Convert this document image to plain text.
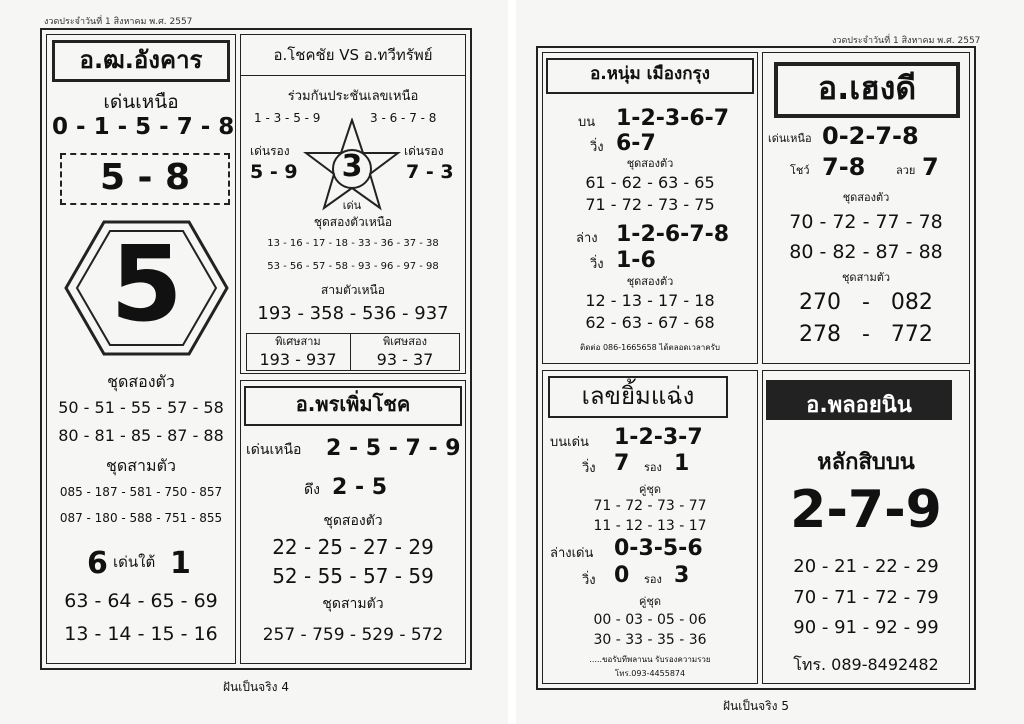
งวดประจำวันที่ 1 สิงหาคม พ.ศ. 2557
อ.ฒ.อังคาร
เด่นเหนือ
0 - 1 - 5 - 7 - 8
5 - 8
5
ชุดสองตัว
50 - 51 - 55 - 57 - 58
80 - 81 - 85 - 87 - 88
ชุดสามตัว
085 - 187 - 581 - 750 - 857
087 - 180 - 588 - 751 - 855
6 เด่นใต้ 1
63 - 64 - 65 - 69
13 - 14 - 15 - 16
อ.โชคชัย VS อ.ทวีทรัพย์
ร่วมกันประชันเลขเหนือ
1 - 3 - 5 - 9	3 - 6 - 7 - 8
3
เด่นรอง	เด่นรอง
5 - 9	7 - 3
เด่น
ชุดสองตัวเหนือ
13 - 16 - 17 - 18 - 33 - 36 - 37 - 38
53 - 56 - 57 - 58 - 93 - 96 - 97 - 98
สามตัวเหนือ
193 - 358 - 536 - 937
พิเศษสาม
193 - 937
พิเศษสอง
93 - 37
อ.พรเพิ่มโชค
เด่นเหนือ 2 - 5 - 7 - 9
ดึง 2 - 5
ชุดสองตัว
22 - 25 - 27 - 29
52 - 55 - 57 - 59
ชุดสามตัว
257 - 759 - 529 - 572
ฝันเป็นจริง 4
งวดประจำวันที่ 1 สิงหาคม พ.ศ. 2557
อ.หนุ่ม เมืองกรุง
บน 1-2-3-6-7
วิ่ง 6-7
ชุดสองตัว
61 - 62 - 63 - 65
71 - 72 - 73 - 75
ล่าง 1-2-6-7-8
วิ่ง 1-6
ชุดสองตัว
12 - 13 - 17 - 18
62 - 63 - 67 - 68
ติดต่อ 086-1665658 ได้ตลอดเวลาครับ
อ.เฮงดี
เด่นเหนือ 0-2-7-8
โชว์ 7-8	ลวย 7
ชุดสองตัว
70 - 72 - 77 - 78
80 - 82 - 87 - 88
ชุดสามตัว
270   -   082
278   -   772
เลขยิ้มแฉ่ง
บนเด่น 1-2-3-7
วิ่ง 7 รอง 1
คู่ชุด
71 - 72 - 73 - 77
11 - 12 - 13 - 17
ล่างเด่น 0-3-5-6
วิ่ง 0 รอง 3
คู่ชุด
00 - 03 - 05 - 06
30 - 33 - 35 - 36
.....ขอรับทีพลานน รับรองความรวย
โทร.093-4455874
อ.พลอยนิน
หลักสิบบน
2-7-9
20 - 21 - 22 - 29
70 - 71 - 72 - 79
90 - 91 - 92 - 99
โทร. 089-8492482
ฝันเป็นจริง 5
